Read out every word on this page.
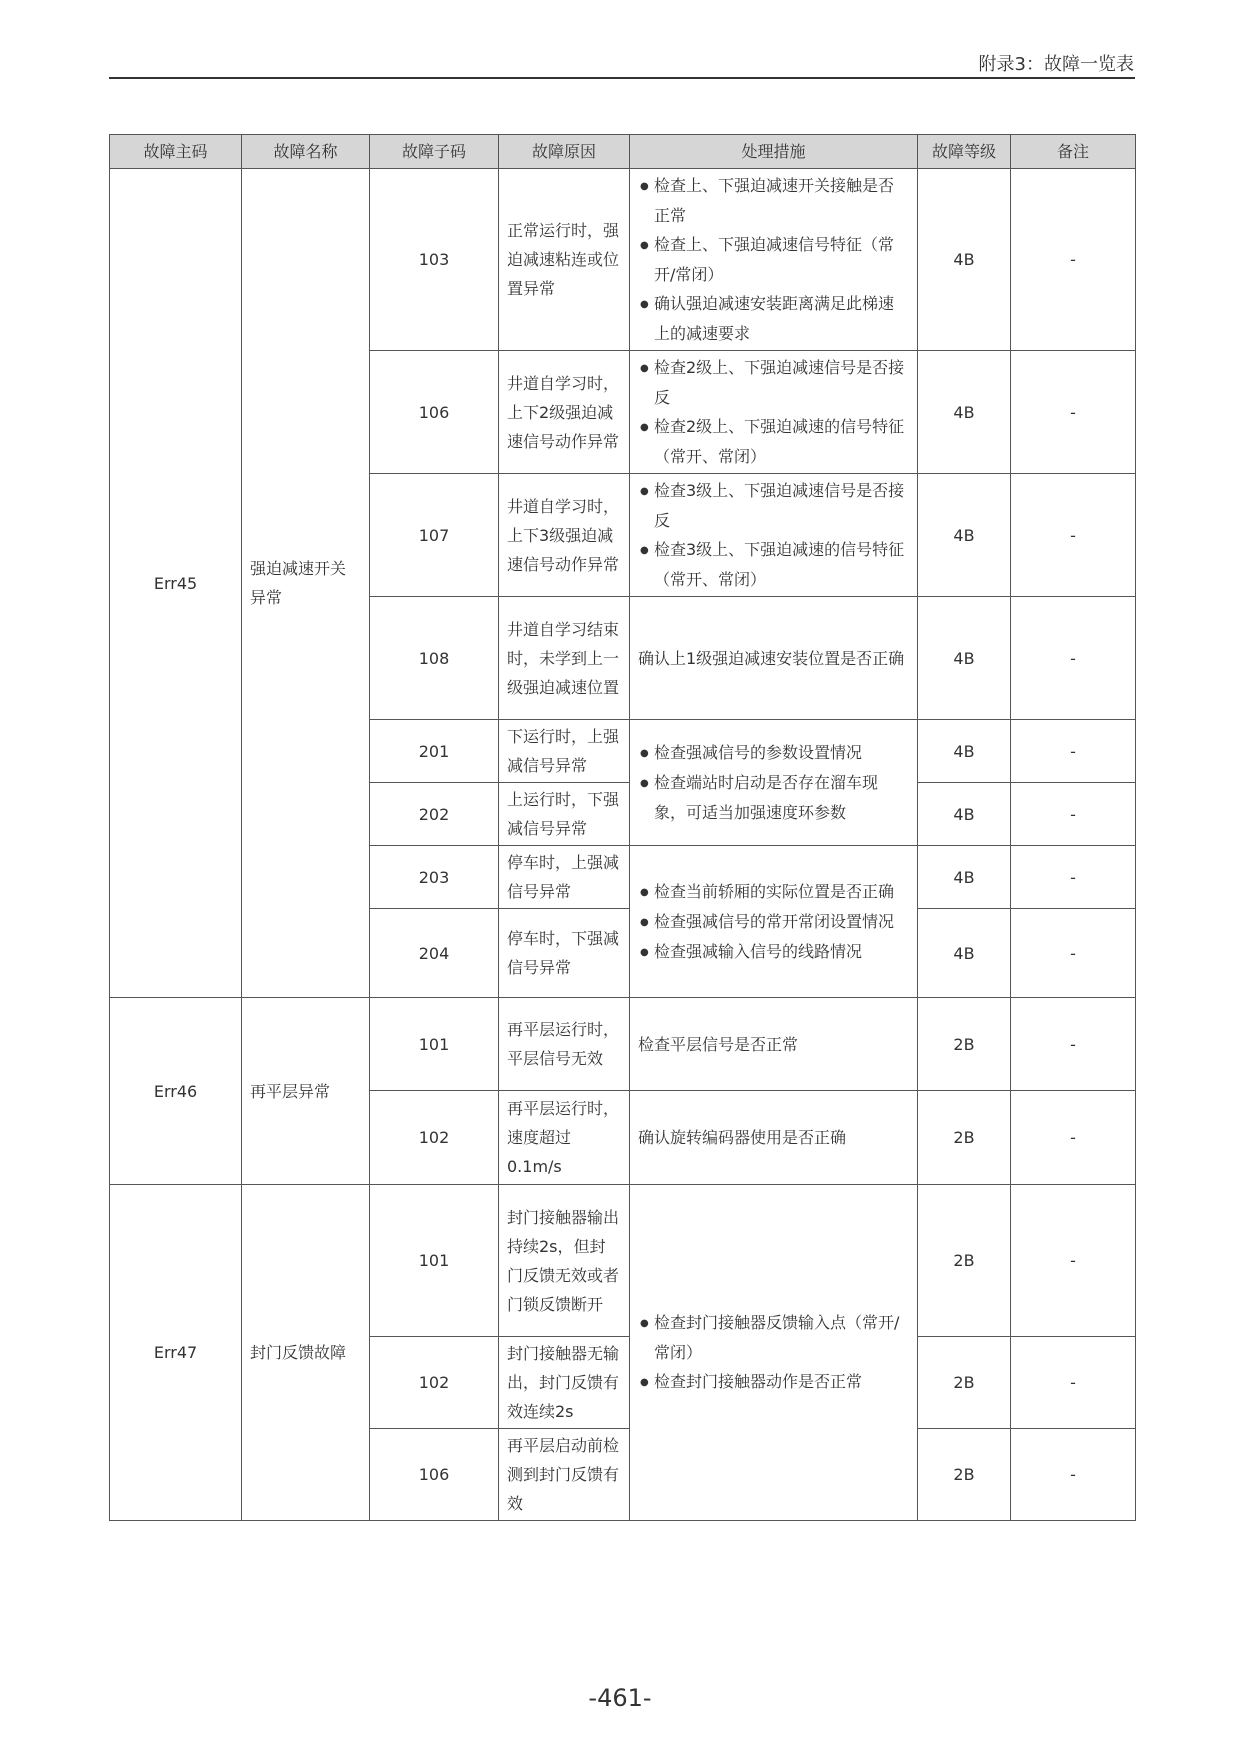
附录3：故障一览表
故障主码	故障名称	故障子码	故障原因	处理措施	故障等级	备注
Err45	强迫减速开关异常	103	正常运行时，强迫减速粘连或位置异常	● 检查上、下强迫减速开关接触是否正常
● 检查上、下强迫减速信号特征（常开/常闭）
● 确认强迫减速安装距离满足此梯速上的减速要求	4B	-
		106	井道自学习时，上下2级强迫减速信号动作异常	● 检查2级上、下强迫减速信号是否接反
● 检查2级上、下强迫减速的信号特征（常开、常闭）	4B	-
		107	井道自学习时，上下3级强迫减速信号动作异常	● 检查3级上、下强迫减速信号是否接反
● 检查3级上、下强迫减速的信号特征（常开、常闭）	4B	-
		108	井道自学习结束时，未学到上一级强迫减速位置	确认上1级强迫减速安装位置是否正确	4B	-
		201	下运行时，上强减信号异常	● 检查强减信号的参数设置情况
● 检查端站时启动是否存在溜车现象，可适当加强速度环参数	4B	-
		202	上运行时，下强减信号异常		4B	-
		203	停车时，上强减信号异常	● 检查当前轿厢的实际位置是否正确
● 检查强减信号的常开常闭设置情况
● 检查强减输入信号的线路情况	4B	-
		204	停车时，下强减信号异常		4B	-
Err46	再平层异常	101	再平层运行时，平层信号无效	检查平层信号是否正常	2B	-
		102	再平层运行时，速度超过0.1m/s	确认旋转编码器使用是否正确	2B	-
Err47	封门反馈故障	101	封门接触器输出持续2s，但封门反馈无效或者门锁反馈断开	● 检查封门接触器反馈输入点（常开/常闭）
● 检查封门接触器动作是否正常	2B	-
		102	封门接触器无输出，封门反馈有效连续2s		2B	-
		106	再平层启动前检测到封门反馈有效		2B	-
-461-
